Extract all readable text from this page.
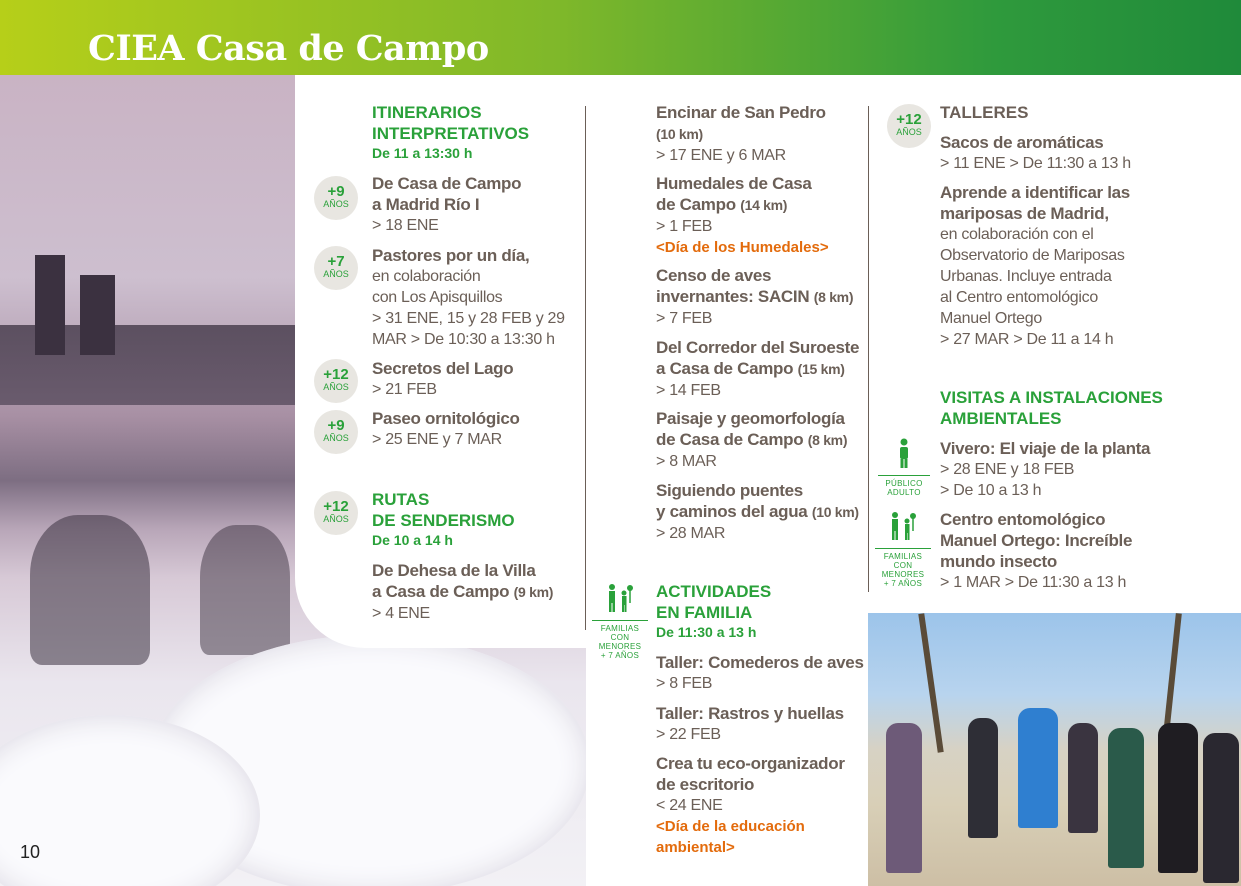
CIEA Casa de Campo
ITINERARIOS
INTERPRETATIVOS
De 11 a 13:30 h
+9
AÑOS
De Casa de Campo
a Madrid Río I
> 18 ENE
+7
AÑOS
Pastores por un día,
en colaboración
con Los Apisquillos
> 31 ENE, 15 y 28 FEB y 29
MAR > De 10:30 a 13:30 h
+12
AÑOS
Secretos del Lago
> 21 FEB
+9
AÑOS
Paseo ornitológico
> 25 ENE y 7 MAR
+12
AÑOS
RUTAS
DE SENDERISMO
De 10 a 14 h
De Dehesa de la Villa
a Casa de Campo (9 km)
> 4 ENE
Encinar de San Pedro
(10 km)
> 17 ENE y 6 MAR
Humedales de Casa
de Campo (14 km)
> 1 FEB
<Día de los Humedales>
Censo de aves
invernantes: SACIN (8 km)
> 7 FEB
Del Corredor del Suroeste
a Casa de Campo (15 km)
> 14 FEB
Paisaje y geomorfología
de Casa de Campo (8 km)
> 8 MAR
Siguiendo puentes
y caminos del agua (10 km)
> 28 MAR
FAMILIAS
CON
MENORES
+ 7 AÑOS
ACTIVIDADES
EN FAMILIA
De 11:30 a 13 h
Taller: Comederos de aves
> 8 FEB
Taller: Rastros y huellas
> 22 FEB
Crea tu eco-organizador
de escritorio
< 24 ENE
<Día de la educación
ambiental>
+12
AÑOS
TALLERES
Sacos de aromáticas
> 11 ENE > De 11:30 a 13 h
Aprende a identificar las
mariposas de Madrid,
en colaboración con el
Observatorio de Mariposas
Urbanas. Incluye entrada
al Centro entomológico
Manuel Ortego
> 27 MAR > De 11 a 14 h
VISITAS A INSTALACIONES
AMBIENTALES
PÚBLICO
ADULTO
Vivero: El viaje de la planta
> 28 ENE y 18 FEB
> De 10 a 13 h
FAMILIAS
CON
MENORES
+ 7 AÑOS
Centro entomológico
Manuel Ortego: Increíble
mundo insecto
> 1 MAR > De 11:30 a 13 h
10
